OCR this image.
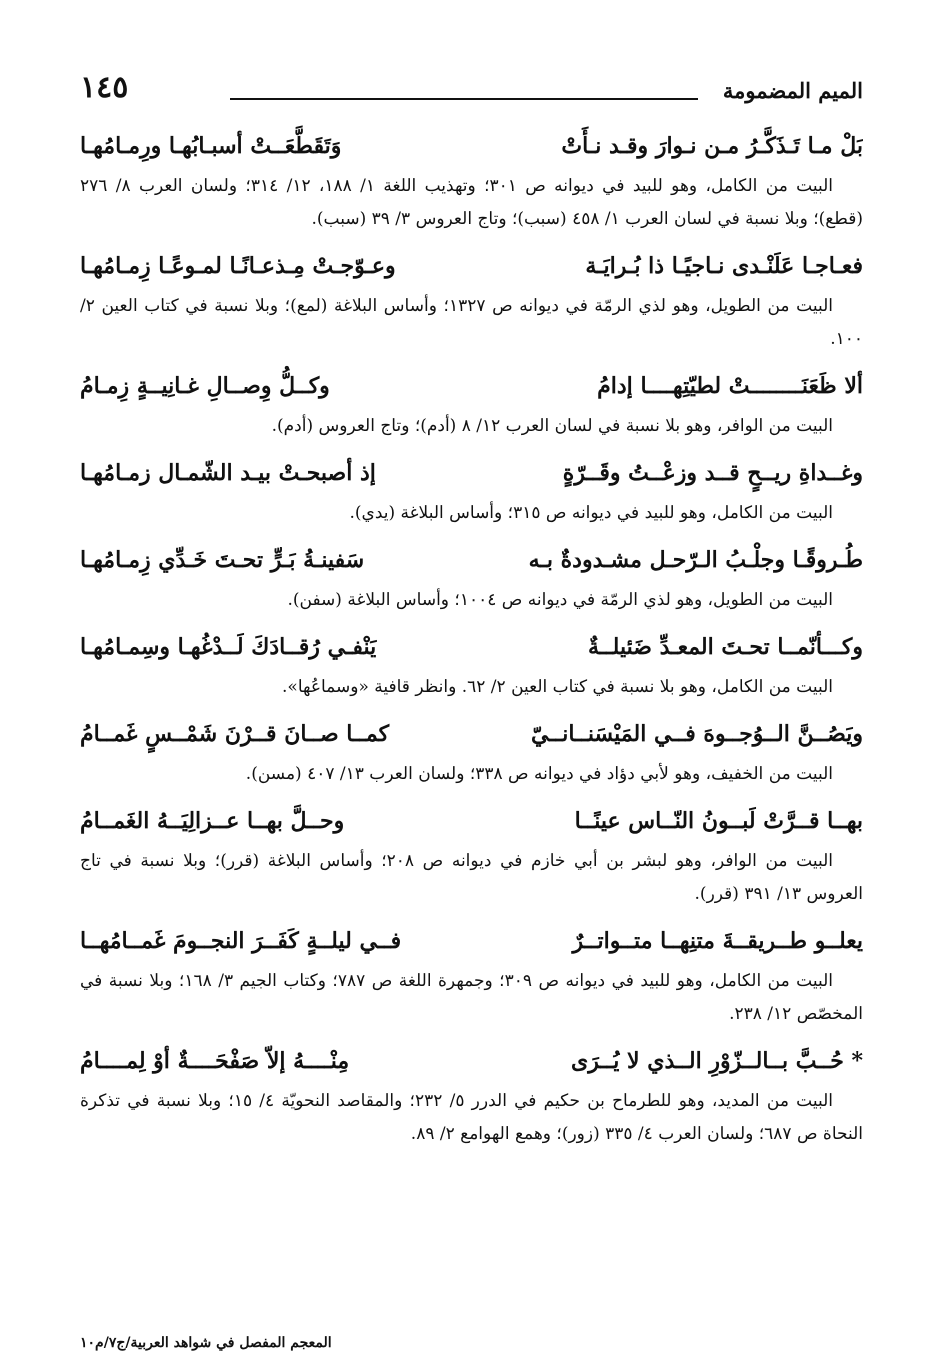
الميم المضمومة
١٤٥
بَلْ مـا تَـذَكَّـرُ مـن نـوارَ وقـد نـأَتْ
وَتَقَطَّعَــتْ أسبـابُهـا ورِمـامُهـا
البيت من الكامل، وهو للبيد في ديوانه ص ٣٠١؛ وتهذيب اللغة ١/ ١٨٨، ١٢/ ٣١٤؛ ولسان العرب ٨/ ٢٧٦ (قطع)؛ وبلا نسبة في لسان العرب ١/ ٤٥٨ (سبب)؛ وتاج العروس ٣/ ٣٩ (سبب).
فعـاجـا عَلَنْـدى نـاجيًـا ذا بُـرايَـة
وعـوّجـتْ مِـذعـانًـا لمـوعًـا زِمـامُهـا
البيت من الطويل، وهو لذي الرمّة في ديوانه ص ١٣٢٧؛ وأساس البلاغة (لمع)؛ وبلا نسبة في كتاب العين ٢/ ١٠٠.
ألا ظَعَنَــــــــتْ لطيّتِهــــا إدامُ
وكــلُّ وِصــالِ غـانِيــةٍ زِمـامُ
البيت من الوافر، وهو بلا نسبة في لسان العرب ١٢/ ٨ (أدم)؛ وتاج العروس (أدم).
وغــداةِ ريــحٍ قــد وزعْــتُ وقَــرّةٍ
إذ أصبحـتْ بيـد الشّمـال زمـامُهـا
البيت من الكامل، وهو للبيد في ديوانه ص ٣١٥؛ وأساس البلاغة (يدي).
طُـروقًـا وجلْـبُ الـرّحـل مشـدودةٌ بـه
سَفينـةُ بَـرٍّ تحـتَ خَـدِّي زِمـامُهـا
البيت من الطويل، وهو لذي الرمّة في ديوانه ص ١٠٠٤؛ وأساس البلاغة (سفن).
وكـــأنّمــا تحـتَ المعـدِّ ضَئيلــةٌ
يَنْفـي رُقــادَكَ لَــدْغُهـا وسِمـامُهـا
البيت من الكامل، وهو بلا نسبة في كتاب العين ٢/ ٦٢. وانظر قافية «وسماعُها».
ويَصُــنَّ الــوُجــوهَ فــي المَيْسَنــانــيّ
كمــا صــانَ قــرْنَ شَمْــسٍ غَمــامُ
البيت من الخفيف، وهو لأبي دؤاد في ديوانه ص ٣٣٨؛ ولسان العرب ١٣/ ٤٠٧ (مسن).
بهــا قــرَّتْ لَبــونُ النّــاس عينًــا
وحــلَّ بهــا عــزالِيَــهُ الغَمــامُ
البيت من الوافر، وهو لبشر بن أبي خازم في ديوانه ص ٢٠٨؛ وأساس البلاغة (قرر)؛ وبلا نسبة في تاج العروس ١٣/ ٣٩١ (قرر).
يعلــو طــريقــةَ متنِهــا متــواتــرٌ
فــي ليلــةٍ كَفَــرَ النجــومَ غَمــامُهــا
البيت من الكامل، وهو للبيد في ديوانه ص ٣٠٩؛ وجمهرة اللغة ص ٧٨٧؛ وكتاب الجيم ٣/ ١٦٨؛ وبلا نسبة في المخصّص ١٢/ ٢٣٨.
* حُــبَّ بــالــزّوْرِ الــذي لا يُــرَى
مِنْــــهُ إلاّ صَفْحَــــةٌ أوْ لِمــــامُ
البيت من المديد، وهو للطرماح بن حكيم في الدرر ٥/ ٢٣٢؛ والمقاصد النحويّة ٤/ ١٥؛ وبلا نسبة في تذكرة النحاة ص ٦٨٧؛ ولسان العرب ٤/ ٣٣٥ (زور)؛ وهمع الهوامع ٢/ ٨٩.
المعجم المفصل في شواهد العربية/ج٧/م١٠
